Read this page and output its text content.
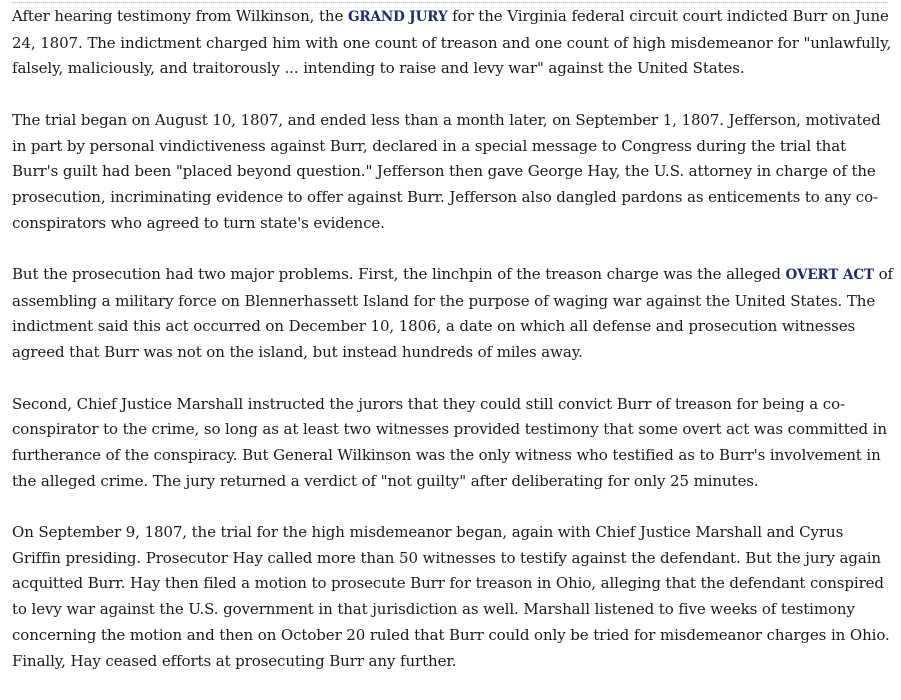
After hearing testimony from Wilkinson, the GRAND JURY for the Virginia federal circuit court indicted Burr on June 24, 1807. The indictment charged him with one count of treason and one count of high misdemeanor for "unlawfully, falsely, maliciously, and traitorously ... intending to raise and levy war" against the United States.

The trial began on August 10, 1807, and ended less than a month later, on September 1, 1807. Jefferson, motivated in part by personal vindictiveness against Burr, declared in a special message to Congress during the trial that Burr's guilt had been "placed beyond question." Jefferson then gave George Hay, the U.S. attorney in charge of the prosecution, incriminating evidence to offer against Burr. Jefferson also dangled pardons as enticements to any co-conspirators who agreed to turn state's evidence.

But the prosecution had two major problems. First, the linchpin of the treason charge was the alleged OVERT ACT of assembling a military force on Blennerhassett Island for the purpose of waging war against the United States. The indictment said this act occurred on December 10, 1806, a date on which all defense and prosecution witnesses agreed that Burr was not on the island, but instead hundreds of miles away.

Second, Chief Justice Marshall instructed the jurors that they could still convict Burr of treason for being a co-conspirator to the crime, so long as at least two witnesses provided testimony that some overt act was committed in furtherance of the conspiracy. But General Wilkinson was the only witness who testified as to Burr's involvement in the alleged crime. The jury returned a verdict of "not guilty" after deliberating for only 25 minutes.

On September 9, 1807, the trial for the high misdemeanor began, again with Chief Justice Marshall and Cyrus Griffin presiding. Prosecutor Hay called more than 50 witnesses to testify against the defendant. But the jury again acquitted Burr. Hay then filed a motion to prosecute Burr for treason in Ohio, alleging that the defendant conspired to levy war against the U.S. government in that jurisdiction as well. Marshall listened to five weeks of testimony concerning the motion and then on October 20 ruled that Burr could only be tried for misdemeanor charges in Ohio. Finally, Hay ceased efforts at prosecuting Burr any further.
